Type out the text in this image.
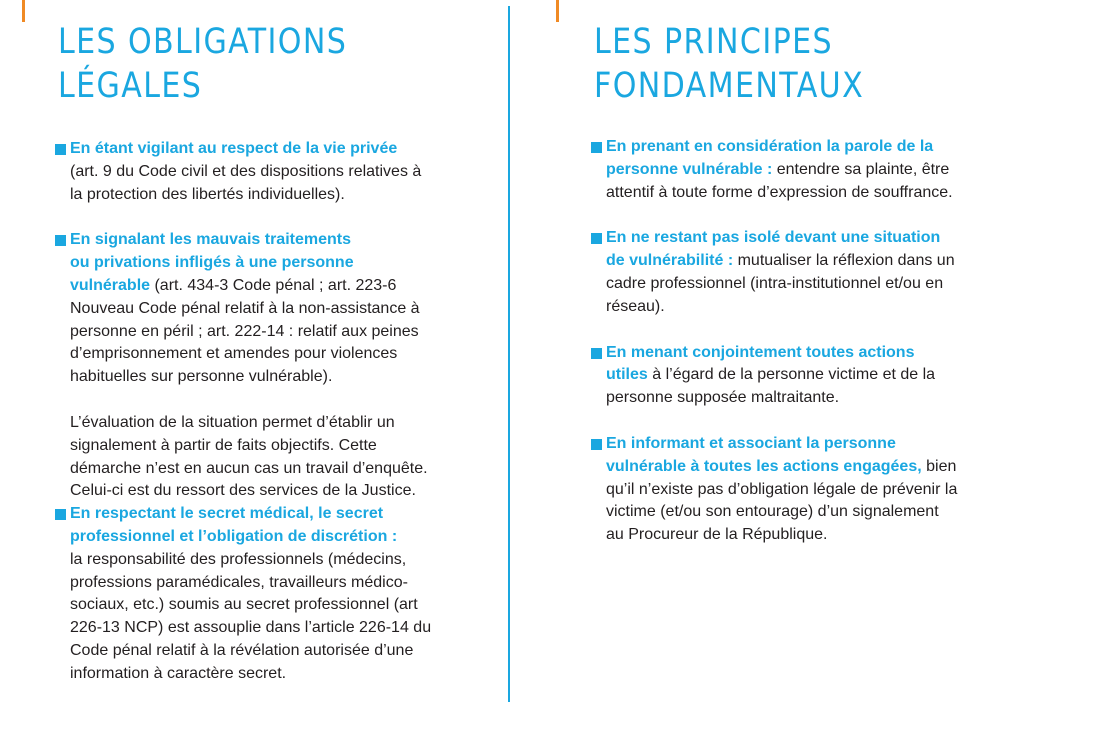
LES OBLIGATIONS
LÉGALES
En étant vigilant au respect de la vie privée
(art. 9 du Code civil et des dispositions relatives à
la protection des libertés individuelles).
En signalant les mauvais traitements
ou privations infligés à une personne
vulnérable (art. 434-3 Code pénal ; art. 223-6
Nouveau Code pénal relatif à la non-assistance à
personne en péril ; art. 222-14 : relatif aux peines
d’emprisonnement et amendes pour violences
habituelles sur personne vulnérable).
L’évaluation de la situation permet d’établir un
signalement à partir de faits objectifs. Cette
démarche n’est en aucun cas un travail d’enquête.
Celui-ci est du ressort des services de la Justice.
En respectant le secret médical, le secret
professionnel et l’obligation de discrétion :
la responsabilité des professionnels (médecins,
professions paramédicales, travailleurs médico-
sociaux, etc.) soumis au secret professionnel (art
226-13 NCP) est assouplie dans l’article 226-14 du
Code pénal relatif à la révélation autorisée d’une
information à caractère secret.
LES PRINCIPES
FONDAMENTAUX
En prenant en considération la parole de la
personne vulnérable : entendre sa plainte, être
attentif à toute forme d’expression de souffrance.
En ne restant pas isolé devant une situation
de vulnérabilité : mutualiser la réflexion dans un
cadre professionnel (intra-institutionnel et/ou en
réseau).
En menant conjointement toutes actions
utiles à l’égard de la personne victime et de la
personne supposée maltraitante.
En informant et associant la personne
vulnérable à toutes les actions engagées, bien
qu’il n’existe pas d’obligation légale de prévenir la
victime (et/ou son entourage) d’un signalement
au Procureur de la République.
